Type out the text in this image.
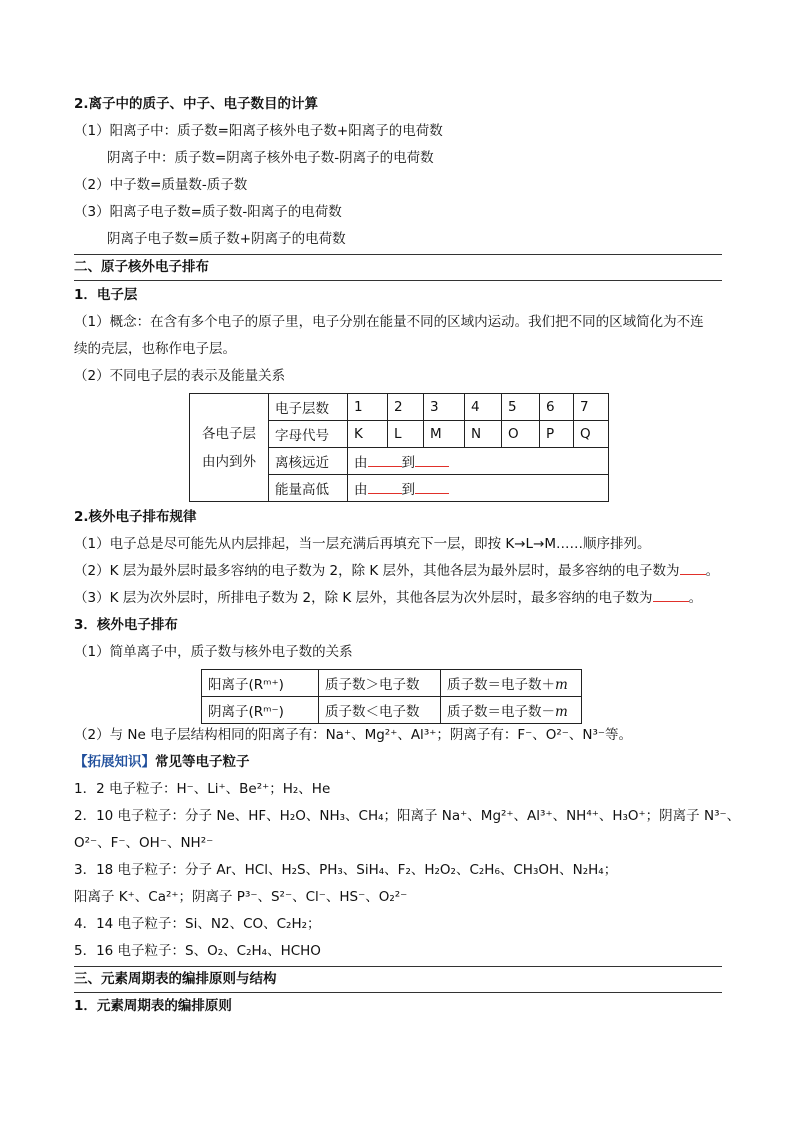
2.离子中的质子、中子、电子数目的计算
（1）阳离子中：质子数=阳离子核外电子数+阳离子的电荷数
阴离子中：质子数=阴离子核外电子数-阴离子的电荷数
（2）中子数=质量数-质子数
（3）阳离子电子数=质子数-阳离子的电荷数
阴离子电子数=质子数+阴离子的电荷数
二、原子核外电子排布
1．电子层
（1）概念：在含有多个电子的原子里，电子分别在能量不同的区域内运动。我们把不同的区域简化为不连
续的壳层，也称作电子层。
（2）不同电子层的表示及能量关系
各电子层由内到外	电子层数	1	2	3	4	5	6	7
	字母代号	K	L	M	N	O	P	Q
	离核远近	由 到						
	能量高低	由 到						
2.核外电子排布规律
（1）电子总是尽可能先从内层排起，当一层充满后再填充下一层，即按 K→L→M……顺序排列。
（2）K 层为最外层时最多容纳的电子数为 2，除 K 层外，其他各层为最外层时，最多容纳的电子数为 。
（3）K 层为次外层时，所排电子数为 2，除 K 层外，其他各层为次外层时，最多容纳的电子数为	。
3．核外电子排布
（1）简单离子中，质子数与核外电子数的关系
阳离子(Rᵐ⁺)	质子数＞电子数	质子数＝电子数＋m
阴离子(Rᵐ⁻)	质子数＜电子数	质子数＝电子数－m
（2）与 Ne 电子层结构相同的阳离子有：Na⁺、Mg²⁺、Al³⁺；阴离子有：F⁻、O²⁻、N³⁻等。
【拓展知识】常见等电子粒子
1．2 电子粒子：H⁻、Li⁺、Be²⁺；H₂、He
2．10 电子粒子：分子 Ne、HF、H₂O、NH₃、CH₄；阳离子 Na⁺、Mg²⁺、Al³⁺、NH⁴⁺、H₃O⁺；阴离子 N³⁻、
O²⁻、F⁻、OH⁻、NH²⁻
3．18 电子粒子：分子 Ar、HCl、H₂S、PH₃、SiH₄、F₂、H₂O₂、C₂H₆、CH₃OH、N₂H₄；
阳离子 K⁺、Ca²⁺；阴离子 P³⁻、S²⁻、Cl⁻、HS⁻、O₂²⁻
4．14 电子粒子：Si、N2、CO、C₂H₂；
5．16 电子粒子：S、O₂、C₂H₄、HCHO
三、元素周期表的编排原则与结构
1．元素周期表的编排原则
